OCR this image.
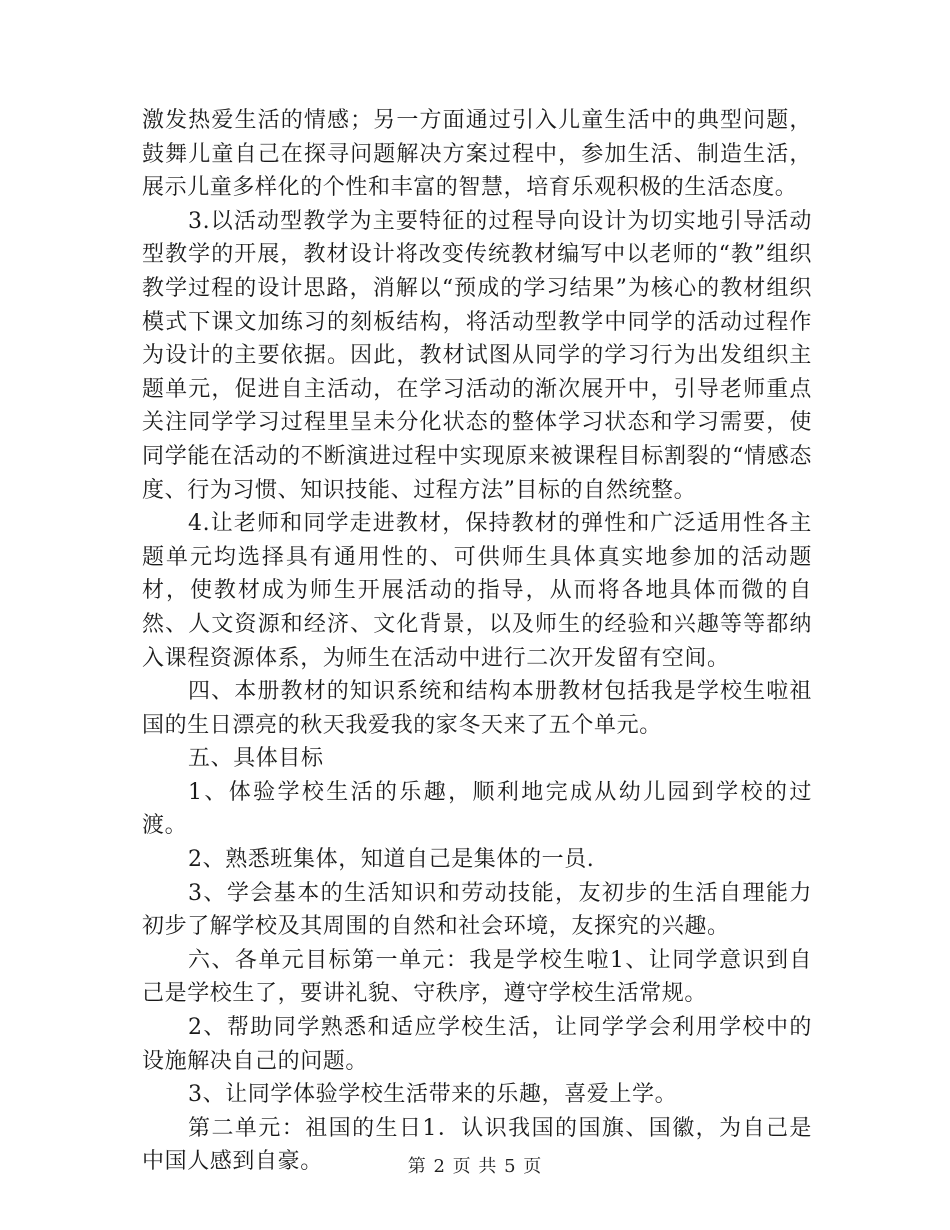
激发热爱生活的情感；另一方面通过引入儿童生活中的典型问题，鼓舞儿童自己在探寻问题解决方案过程中，参加生活、制造生活，展示儿童多样化的个性和丰富的智慧，培育乐观积极的生活态度。

3.以活动型教学为主要特征的过程导向设计为切实地引导活动型教学的开展，教材设计将改变传统教材编写中以老师的“教”组织教学过程的设计思路，消解以“预成的学习结果”为核心的教材组织模式下课文加练习的刻板结构，将活动型教学中同学的活动过程作为设计的主要依据。因此，教材试图从同学的学习行为出发组织主题单元，促进自主活动，在学习活动的渐次展开中，引导老师重点关注同学学习过程里呈未分化状态的整体学习状态和学习需要，使同学能在活动的不断演进过程中实现原来被课程目标割裂的“情感态度、行为习惯、知识技能、过程方法”目标的自然统整。

4.让老师和同学走进教材，保持教材的弹性和广泛适用性各主题单元均选择具有通用性的、可供师生具体真实地参加的活动题材，使教材成为师生开展活动的指导，从而将各地具体而微的自然、人文资源和经济、文化背景，以及师生的经验和兴趣等等都纳入课程资源体系，为师生在活动中进行二次开发留有空间。

四、本册教材的知识系统和结构本册教材包括我是学校生啦祖国的生日漂亮的秋天我爱我的家冬天来了五个单元。

五、具体目标

1、体验学校生活的乐趣，顺利地完成从幼儿园到学校的过渡。

2、熟悉班集体，知道自己是集体的一员.

3、学会基本的生活知识和劳动技能，友初步的生活自理能力初步了解学校及其周围的自然和社会环境，友探究的兴趣。

六、各单元目标第一单元：我是学校生啦1、让同学意识到自己是学校生了，要讲礼貌、守秩序，遵守学校生活常规。

2、帮助同学熟悉和适应学校生活，让同学学会利用学校中的设施解决自己的问题。

3、让同学体验学校生活带来的乐趣，喜爱上学。

第二单元：祖国的生日1．认识我国的国旗、国徽，为自己是中国人感到自豪。	第 2 页 共 5 页
